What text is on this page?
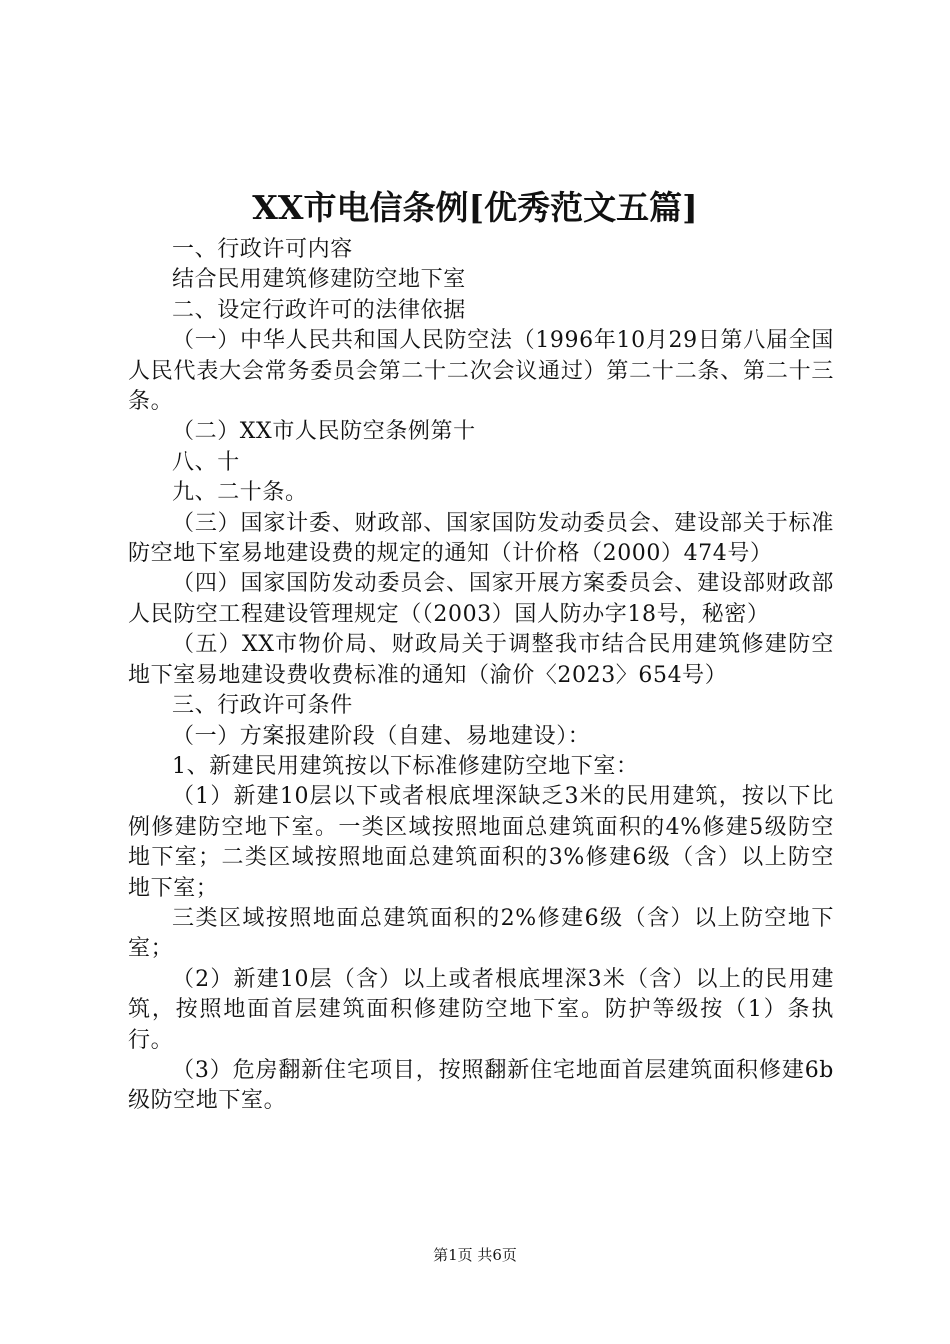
XX市电信条例[优秀范文五篇]

一、行政许可内容

结合民用建筑修建防空地下室

二、设定行政许可的法律依据

（一）中华人民共和国人民防空法（1996年10月29日第八届全国人民代表大会常务委员会第二十二次会议通过）第二十二条、第二十三条。

（二）XX市人民防空条例第十

八、十

九、二十条。

（三）国家计委、财政部、国家国防发动委员会、建设部关于标准防空地下室易地建设费的规定的通知（计价格（2000）474号）

（四）国家国防发动委员会、国家开展方案委员会、建设部财政部人民防空工程建设管理规定（（2003）国人防办字18号，秘密）

（五）XX市物价局、财政局关于调整我市结合民用建筑修建防空地下室易地建设费收费标准的通知（渝价〈2023〉654号）

三、行政许可条件

（一）方案报建阶段（自建、易地建设）：

1、新建民用建筑按以下标准修建防空地下室：

（1）新建10层以下或者根底埋深缺乏3米的民用建筑，按以下比例修建防空地下室。一类区域按照地面总建筑面积的4%修建5级防空地下室；二类区域按照地面总建筑面积的3%修建6级（含）以上防空地下室；

三类区域按照地面总建筑面积的2%修建6级（含）以上防空地下室；

（2）新建10层（含）以上或者根底埋深3米（含）以上的民用建筑，按照地面首层建筑面积修建防空地下室。防护等级按（1）条执行。

（3）危房翻新住宅项目，按照翻新住宅地面首层建筑面积修建6b级防空地下室。

第1页 共6页
